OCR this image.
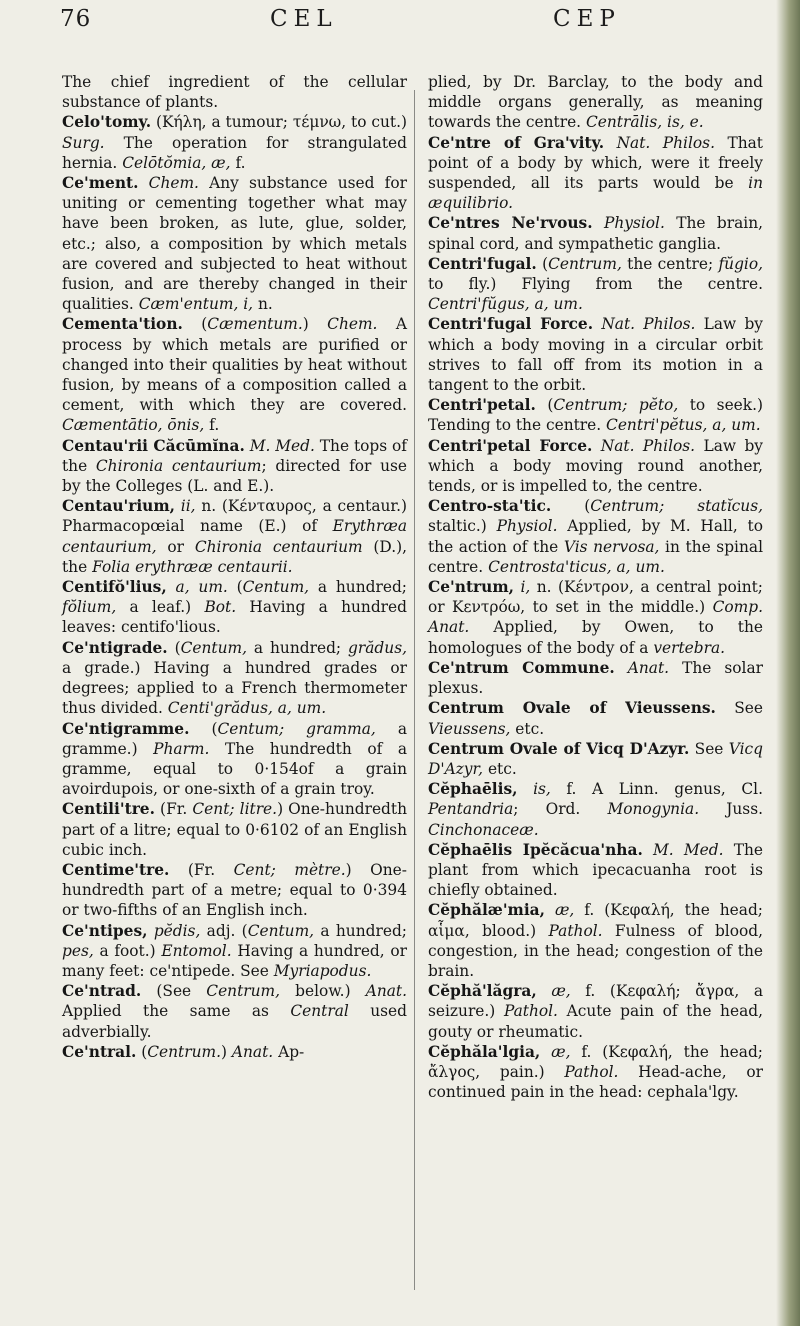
76	CEL	CEP

The chief ingredient of the cellular substance of plants.

Celo'tomy. (Κήλη, a tumour; τέμνω, to cut.) Surg. The operation for strangulated hernia. Celōtŏmia, æ, f.

Ce'ment. Chem. Any substance used for uniting or cementing together what may have been broken, as lute, glue, solder, etc.; also, a composition by which metals are covered and subjected to heat without fusion, and are thereby changed in their qualities. Cæm'entum, i, n.

Cementa'tion. (Cæmentum.) Chem. A process by which metals are purified or changed into their qualities by heat without fusion, by means of a composition called a cement, with which they are covered. Cæmentātio, ōnis, f.

Centau'rii Căcūmĭna. M. Med. The tops of the Chironia centaurium; directed for use by the Colleges (L. and E.).

Centau'rium, ii, n. (Κένταυρος, a centaur.) Pharmacopœial name (E.) of Erythræa centaurium, or Chironia centaurium (D.), the Folia erythrææ centaurii.

Centifŏ'lius, a, um. (Centum, a hundred; fŏlium, a leaf.) Bot. Having a hundred leaves: centifo'lious.

Ce'ntigrade. (Centum, a hundred; grădus, a grade.) Having a hundred grades or degrees; applied to a French thermometer thus divided. Centi'grădus, a, um.

Ce'ntigramme. (Centum; gramma, a gramme.) Pharm. The hundredth of a gramme, equal to 0·154of a grain avoirdupois, or one-sixth of a grain troy.

Centili'tre. (Fr. Cent; litre.) One-hundredth part of a litre; equal to 0·6102 of an English cubic inch.

Centime'tre. (Fr. Cent; mètre.) One-hundredth part of a metre; equal to 0·394 or two-fifths of an English inch.

Ce'ntipes, pĕdis, adj. (Centum, a hundred; pes, a foot.) Entomol. Having a hundred, or many feet: ce'ntipede. See Myriapodus.

Ce'ntrad. (See Centrum, below.) Anat. Applied the same as Central used adverbially.

Ce'ntral. (Centrum.) Anat. Ap-

plied, by Dr. Barclay, to the body and middle organs generally, as meaning towards the centre. Centrālis, is, e.

Ce'ntre of Gra'vity. Nat. Philos. That point of a body by which, were it freely suspended, all its parts would be in æquilibrio.

Ce'ntres Ne'rvous. Physiol. The brain, spinal cord, and sympathetic ganglia.

Centri'fugal. (Centrum, the centre; fŭgio, to fly.) Flying from the centre. Centri'fŭgus, a, um.

Centri'fugal Force. Nat. Philos. Law by which a body moving in a circular orbit strives to fall off from its motion in a tangent to the orbit.

Centri'petal. (Centrum; pĕto, to seek.) Tending to the centre. Centri'pĕtus, a, um.

Centri'petal Force. Nat. Philos. Law by which a body moving round another, tends, or is impelled to, the centre.

Centro-sta'tic. (Centrum; statĭcus, staltic.) Physiol. Applied, by M. Hall, to the action of the Vis nervosa, in the spinal centre. Centrosta'ticus, a, um.

Ce'ntrum, i, n. (Κέντρον, a central point; or Κεντρόω, to set in the middle.) Comp. Anat. Applied, by Owen, to the homologues of the body of a vertebra.

Ce'ntrum Commune. Anat. The solar plexus.

Centrum Ovale of Vieussens. See Vieussens, etc.

Centrum Ovale of Vicq D'Azyr. See Vicq D'Azyr, etc.

Cĕphaēlis, is, f. A Linn. genus, Cl. Pentandria; Ord. Monogynia. Juss. Cinchonaceæ.

Cĕphaēlis Ipĕcăcua'nha. M. Med. The plant from which ipecacuanha root is chiefly obtained.

Cĕphălæ'mia, æ, f. (Κεφαλή, the head; αἷμα, blood.) Pathol. Fulness of blood, congestion, in the head; congestion of the brain.

Cĕphă'lăgra, æ, f. (Κεφαλή; ἄγρα, a seizure.) Pathol. Acute pain of the head, gouty or rheumatic.

Cĕphăla'lgia, æ, f. (Κεφαλή, the head; ἄλγος, pain.) Pathol. Head-ache, or continued pain in the head: cephala'lgy.
